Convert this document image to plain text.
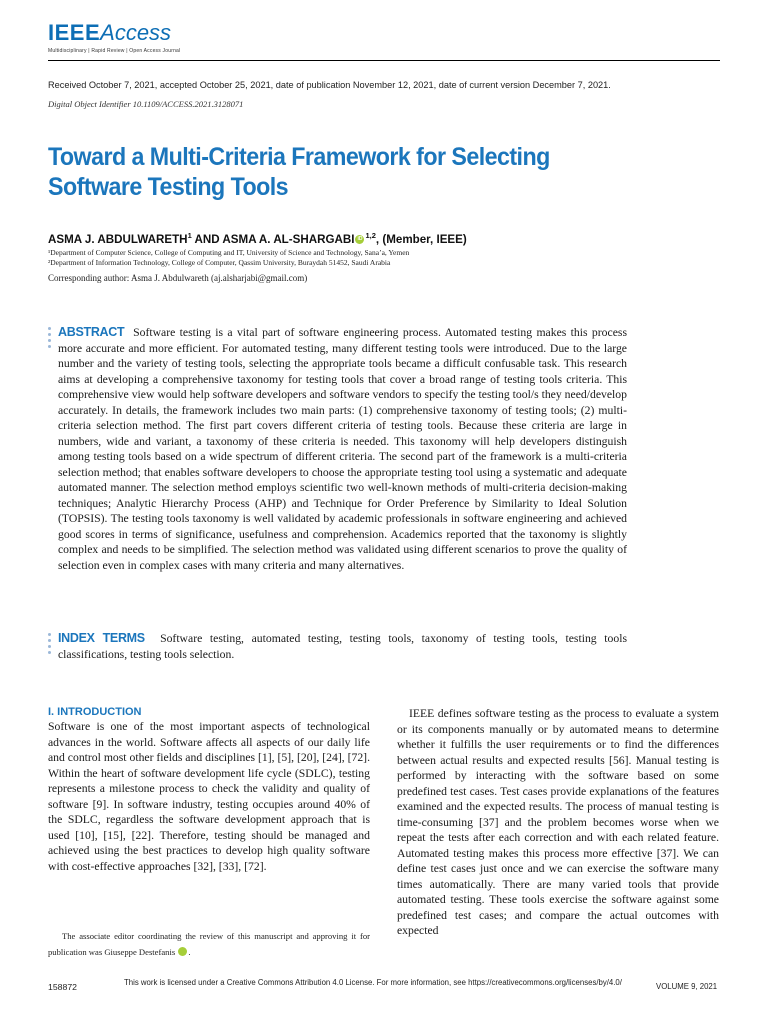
IEEEAccess
Multidisciplinary | Rapid Review | Open Access Journal
Received October 7, 2021, accepted October 25, 2021, date of publication November 12, 2021, date of current version December 7, 2021.
Digital Object Identifier 10.1109/ACCESS.2021.3128071
Toward a Multi-Criteria Framework for Selecting
Software Testing Tools
ASMA J. ABDULWARETH$^1$ AND ASMA A. AL-SHARGABI iD $^{1,2}$, (Member, IEEE)
¹Department of Computer Science, College of Computing and IT, University of Science and Technology, Sana’a, Yemen
²Department of Information Technology, College of Computer, Qassim University, Buraydah 51452, Saudi Arabia
Corresponding author: Asma J. Abdulwareth (aj.alsharjabi@gmail.com)
ABSTRACT Software testing is a vital part of software engineering process. Automated testing makes this process more accurate and more efficient. For automated testing, many different testing tools were introduced. Due to the large number and the variety of testing tools, selecting the appropriate tools became a difficult confusable task. This research aims at developing a comprehensive taxonomy for testing tools that cover a broad range of testing tools criteria. This comprehensive view would help software developers and software vendors to specify the testing tool/s they need/develop accurately. In details, the framework includes two main parts: (1) comprehensive taxonomy of testing tools; (2) multi-criteria selection method. The first part covers different criteria of testing tools. Because these criteria are large in numbers, wide and variant, a taxonomy of these criteria is needed. This taxonomy will help developers distinguish among testing tools based on a wide spectrum of different criteria. The second part of the framework is a multi-criteria selection method; that enables software developers to choose the appropriate testing tool using a systematic and adequate automated manner. The selection method employs scientific two well-known methods of multi-criteria decision-making techniques; Analytic Hierarchy Process (AHP) and Technique for Order Preference by Similarity to Ideal Solution (TOPSIS). The testing tools taxonomy is well validated by academic professionals in software engineering and achieved good scores in terms of significance, usefulness and comprehension. Academics reported that the taxonomy is slightly complex and needs to be simplified. The selection method was validated using different scenarios to prove the quality of selection even in complex cases with many criteria and many alternatives.
INDEX TERMS Software testing, automated testing, testing tools, taxonomy of testing tools, testing tools classifications, testing tools selection.
I. INTRODUCTION
Software is one of the most important aspects of technological advances in the world. Software affects all aspects of our daily life and control most other fields and disciplines [1], [5], [20], [24], [72]. Within the heart of software development life cycle (SDLC), testing represents a milestone process to check the validity and quality of software [9]. In software industry, testing occupies around 40% of the SDLC, regardless the software development approach that is used [10], [15], [22]. Therefore, testing should be managed and achieved using the best practices to develop high quality software with cost-effective approaches [32], [33], [72].
IEEE defines software testing as the process to evaluate a system or its components manually or by automated means to determine whether it fulfills the user requirements or to find the differences between actual results and expected results [56]. Manual testing is performed by interacting with the software based on some predefined test cases. Test cases provide explanations of the features examined and the expected results. The process of manual testing is time-consuming [37] and the problem becomes worse when we repeat the tests after each correction and with each related feature. Automated testing makes this process more effective [37]. We can define test cases just once and we can exercise the software many times automatically. There are many varied tools that provide automated testing. These tools exercise the software against some predefined test cases; and compare the actual outcomes with expected

The associate editor coordinating the review of this manuscript and approving it for publication was Giuseppe Destefanis	iD.

158872	This work is licensed under a Creative Commons Attribution 4.0 License. For more information, see https://creativecommons.org/licenses/by/4.0/	VOLUME 9, 2021
